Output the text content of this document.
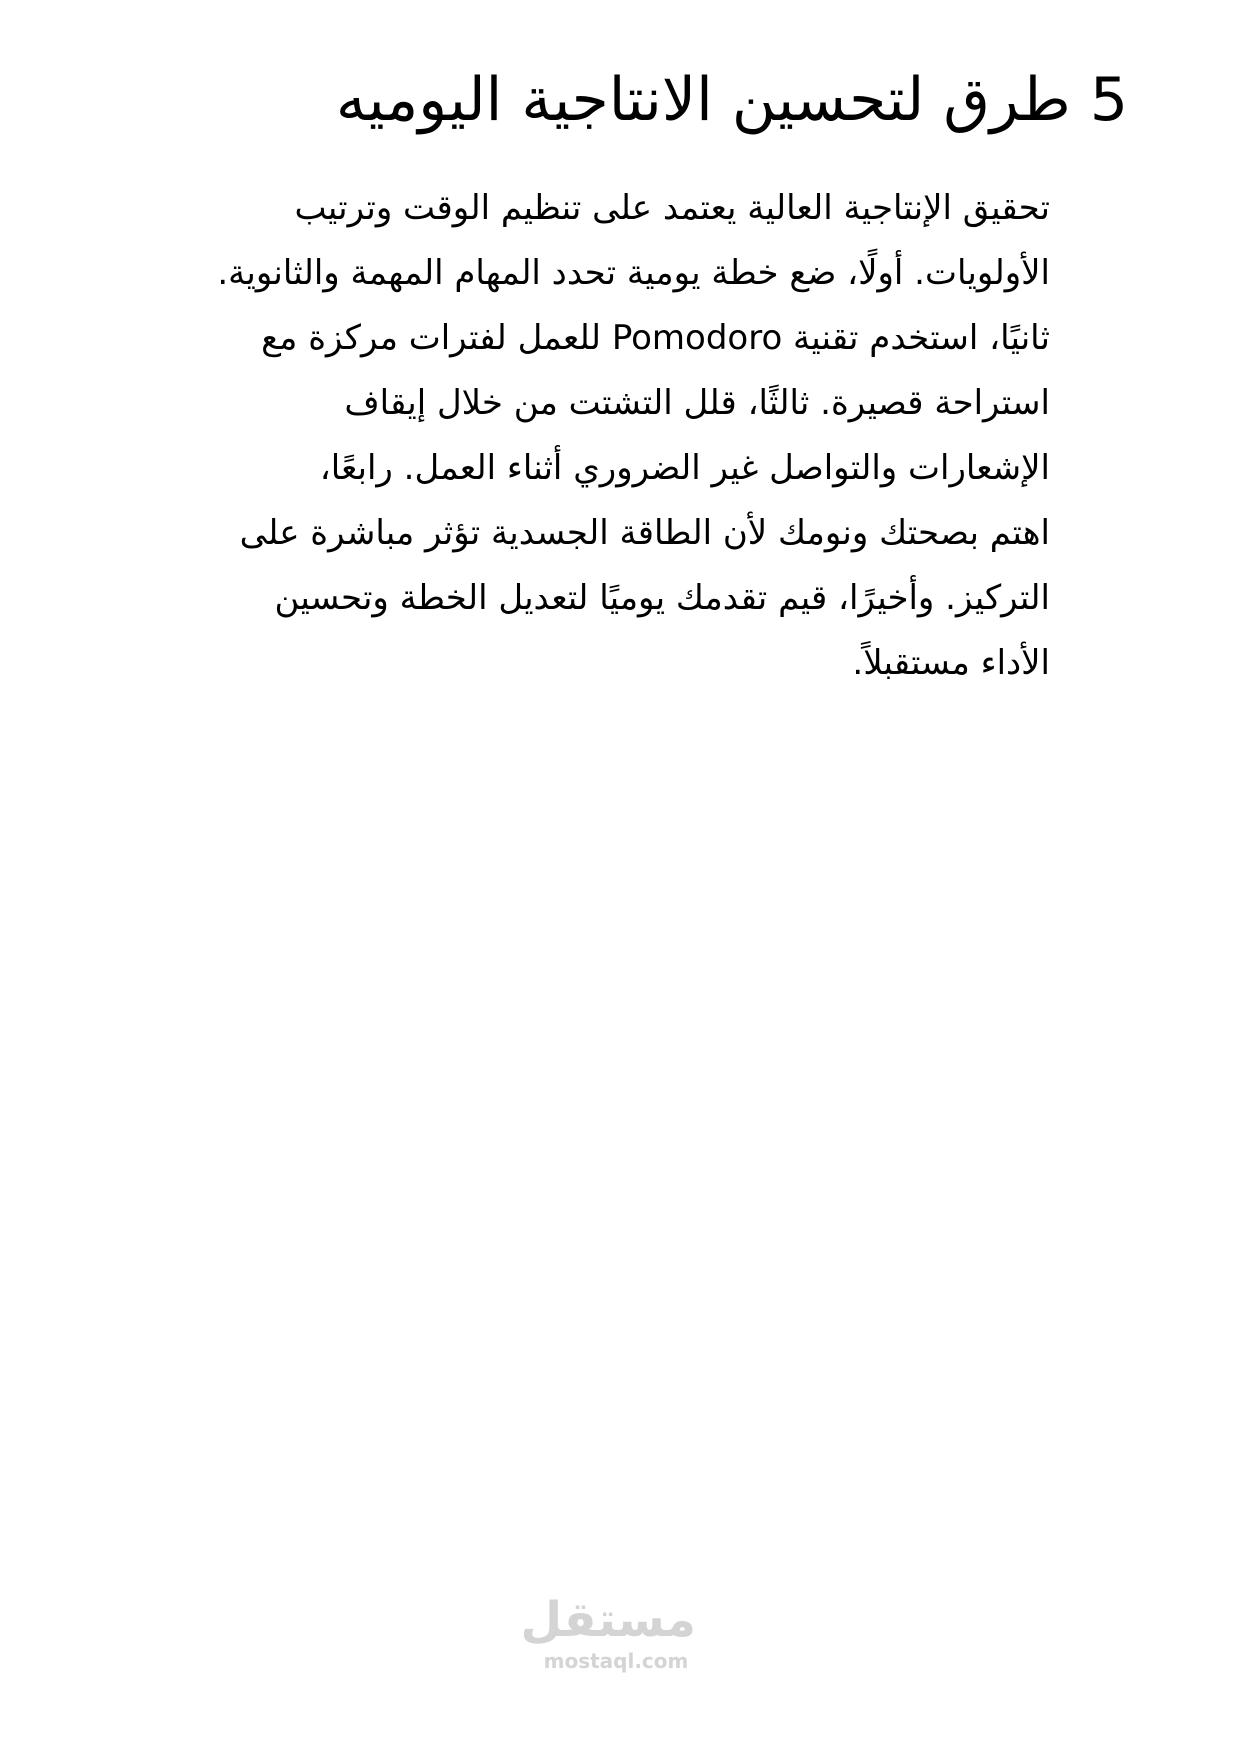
5 طرق لتحسين الانتاجية اليوميه
تحقيق الإنتاجية العالية يعتمد على تنظيم الوقت وترتيب
الأولويات. أولًا، ضع خطة يومية تحدد المهام المهمة والثانوية.
ثانيًا، استخدم تقنية Pomodoro للعمل لفترات مركزة مع
استراحة قصيرة. ثالثًا، قلل التشتت من خلال إيقاف
الإشعارات والتواصل غير الضروري أثناء العمل. رابعًا،
اهتم بصحتك ونومك لأن الطاقة الجسدية تؤثر مباشرة على
التركيز. وأخيرًا، قيم تقدمك يوميًا لتعديل الخطة وتحسين
الأداء مستقبلاً.
مستقل
mostaql.com
